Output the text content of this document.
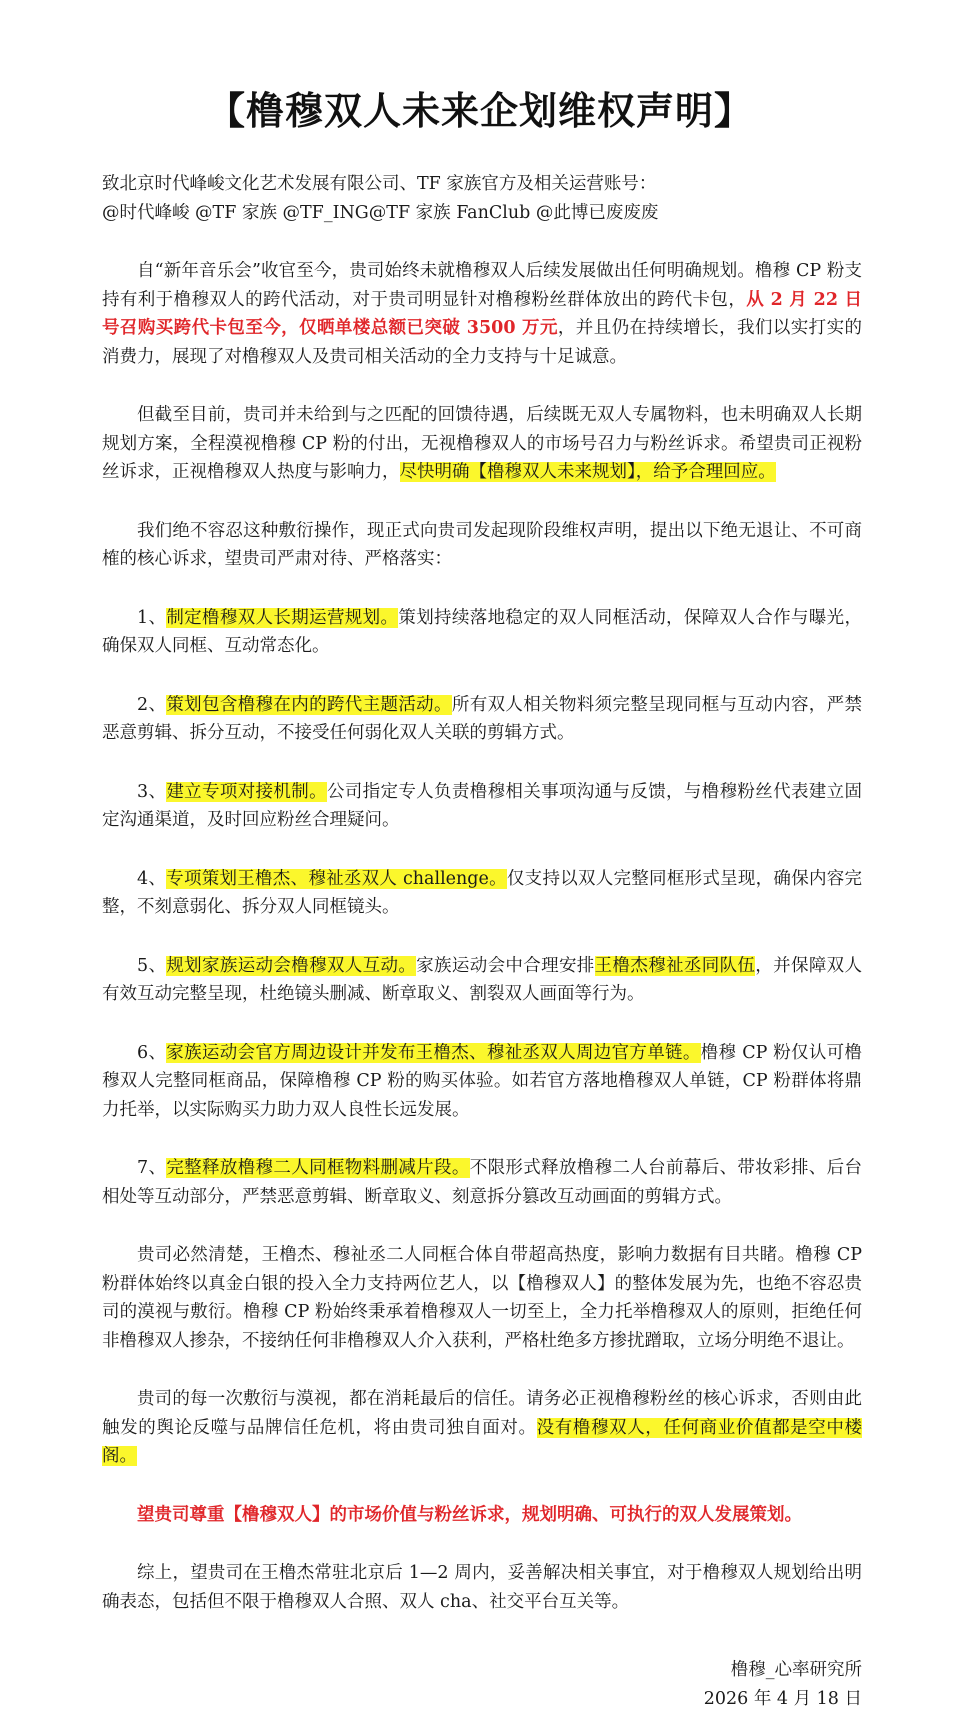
【橹穆双人未来企划维权声明】
致北京时代峰峻文化艺术发展有限公司、TF 家族官方及相关运营账号：
@时代峰峻 @TF 家族 @TF_ING@TF 家族 FanClub @此博已废废废

自“新年音乐会”收官至今，贵司始终未就橹穆双人后续发展做出任何明确规划。橹穆 CP 粉支持有利于橹穆双人的跨代活动，对于贵司明显针对橹穆粉丝群体放出的跨代卡包，从 2 月 22 日号召购买跨代卡包至今，仅晒单楼总额已突破 3500 万元，并且仍在持续增长，我们以实打实的消费力，展现了对橹穆双人及贵司相关活动的全力支持与十足诚意。

但截至目前，贵司并未给到与之匹配的回馈待遇，后续既无双人专属物料，也未明确双人长期规划方案，全程漠视橹穆 CP 粉的付出，无视橹穆双人的市场号召力与粉丝诉求。希望贵司正视粉丝诉求，正视橹穆双人热度与影响力，尽快明确【橹穆双人未来规划】，给予合理回应。

我们绝不容忍这种敷衍操作，现正式向贵司发起现阶段维权声明，提出以下绝无退让、不可商榷的核心诉求，望贵司严肃对待、严格落实：

1、制定橹穆双人长期运营规划。策划持续落地稳定的双人同框活动，保障双人合作与曝光，确保双人同框、互动常态化。

2、策划包含橹穆在内的跨代主题活动。所有双人相关物料须完整呈现同框与互动内容，严禁恶意剪辑、拆分互动，不接受任何弱化双人关联的剪辑方式。

3、建立专项对接机制。公司指定专人负责橹穆相关事项沟通与反馈，与橹穆粉丝代表建立固定沟通渠道，及时回应粉丝合理疑问。

4、专项策划王橹杰、穆祉丞双人 challenge。仅支持以双人完整同框形式呈现，确保内容完整，不刻意弱化、拆分双人同框镜头。

5、规划家族运动会橹穆双人互动。家族运动会中合理安排王橹杰穆祉丞同队伍，并保障双人有效互动完整呈现，杜绝镜头删减、断章取义、割裂双人画面等行为。

6、家族运动会官方周边设计并发布王橹杰、穆祉丞双人周边官方单链。橹穆 CP 粉仅认可橹穆双人完整同框商品，保障橹穆 CP 粉的购买体验。如若官方落地橹穆双人单链，CP 粉群体将鼎力托举，以实际购买力助力双人良性长远发展。

7、完整释放橹穆二人同框物料删减片段。不限形式释放橹穆二人台前幕后、带妆彩排、后台相处等互动部分，严禁恶意剪辑、断章取义、刻意拆分篡改互动画面的剪辑方式。

贵司必然清楚，王橹杰、穆祉丞二人同框合体自带超高热度，影响力数据有目共睹。橹穆 CP 粉群体始终以真金白银的投入全力支持两位艺人，以【橹穆双人】的整体发展为先，也绝不容忍贵司的漠视与敷衍。橹穆 CP 粉始终秉承着橹穆双人一切至上，全力托举橹穆双人的原则，拒绝任何非橹穆双人掺杂，不接纳任何非橹穆双人介入获利，严格杜绝多方掺扰蹭取，立场分明绝不退让。

贵司的每一次敷衍与漠视，都在消耗最后的信任。请务必正视橹穆粉丝的核心诉求，否则由此触发的舆论反噬与品牌信任危机，将由贵司独自面对。没有橹穆双人，任何商业价值都是空中楼阁。

望贵司尊重【橹穆双人】的市场价值与粉丝诉求，规划明确、可执行的双人发展策划。

综上，望贵司在王橹杰常驻北京后 1—2 周内，妥善解决相关事宜，对于橹穆双人规划给出明确表态，包括但不限于橹穆双人合照、双人 cha、社交平台互关等。

橹穆_心率研究所
2026 年 4 月 18 日
